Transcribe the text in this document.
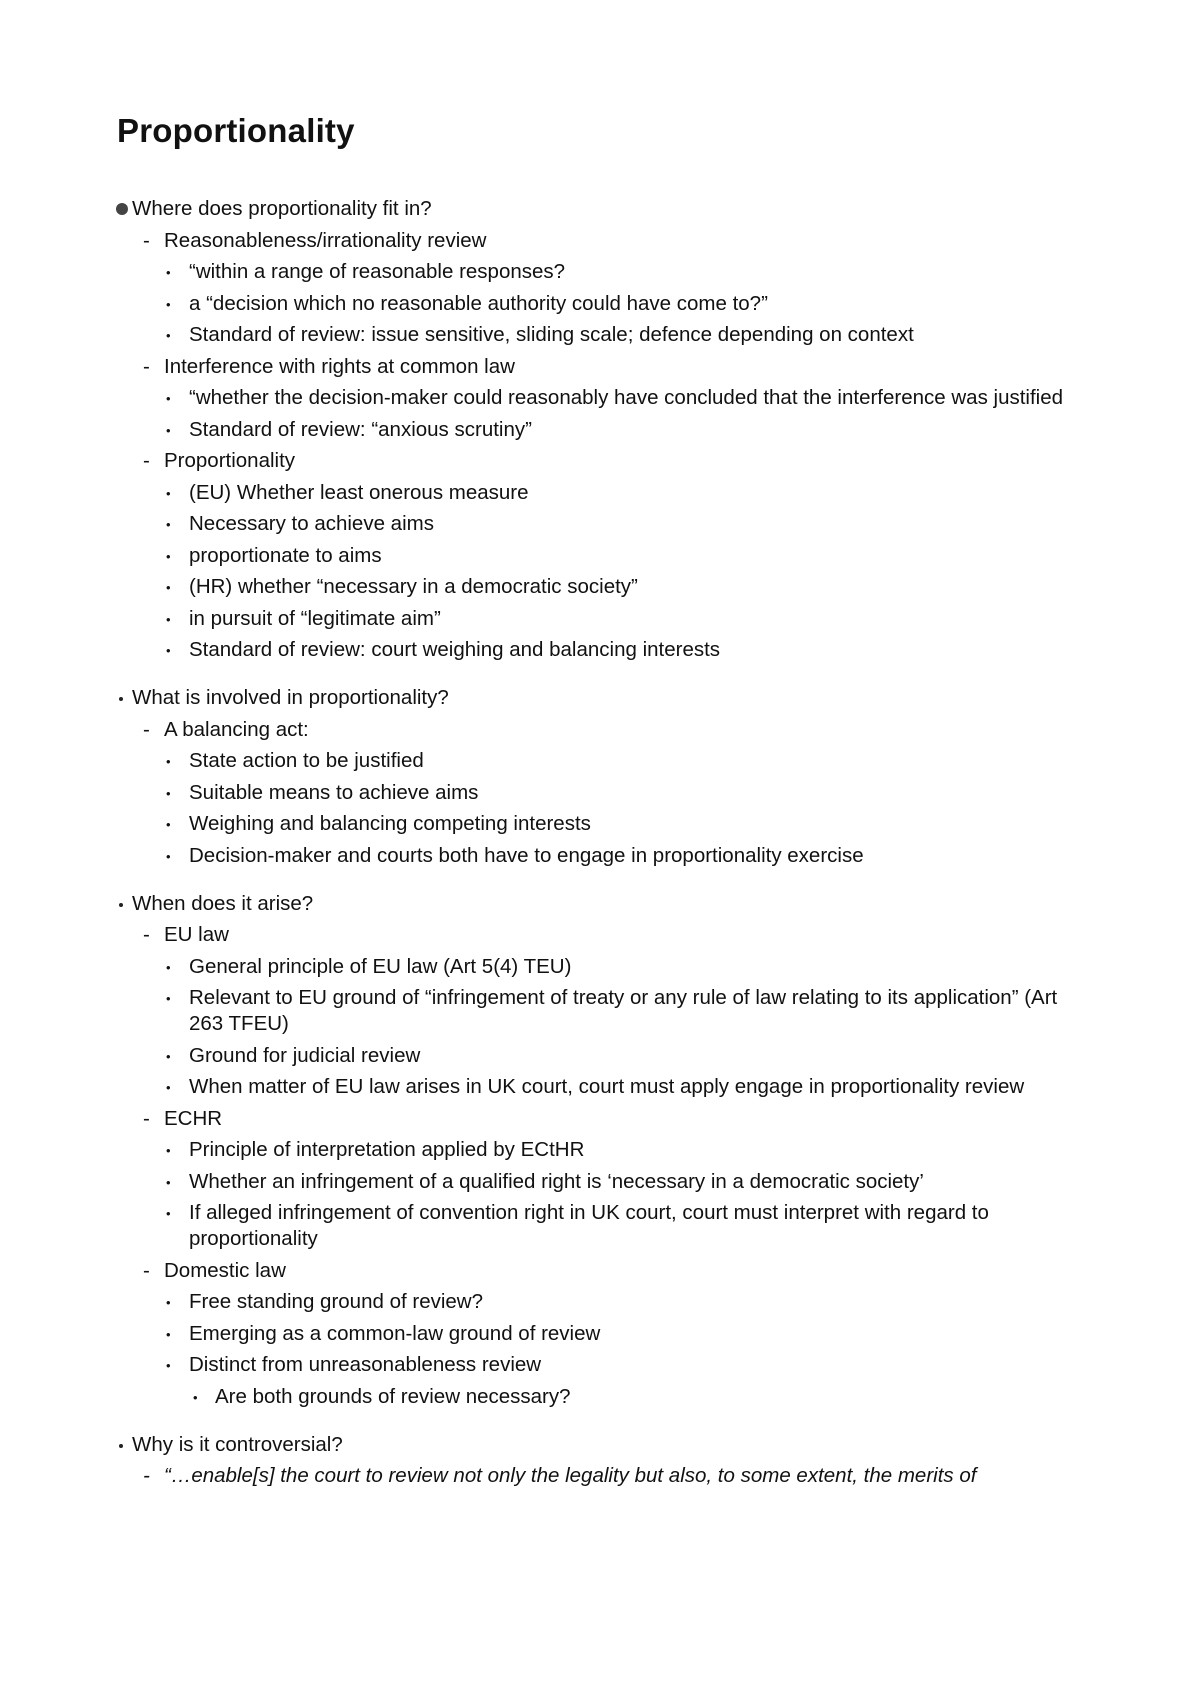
Proportionality
Where does proportionality fit in?
- Reasonableness/irrationality review
• “within a range of reasonable responses?
• a “decision which no reasonable authority could have come to?”
• Standard of review: issue sensitive, sliding scale; defence depending on context
- Interference with rights at common law
• “whether the decision-maker could reasonably have concluded that the interference was justified
• Standard of review: “anxious scrutiny”
- Proportionality
• (EU) Whether least onerous measure
• Necessary to achieve aims
• proportionate to aims
• (HR) whether “necessary in a democratic society”
• in pursuit of “legitimate aim”
• Standard of review: court weighing and balancing interests
What is involved in proportionality?
- A balancing act:
• State action to be justified
• Suitable means to achieve aims
• Weighing and balancing competing interests
• Decision-maker and courts both have to engage in proportionality exercise
When does it arise?
- EU law
• General principle of EU law (Art 5(4) TEU)
• Relevant to EU ground of “infringement of treaty or any rule of law relating to its application” (Art 263 TFEU)
• Ground for judicial review
• When matter of EU law arises in UK court, court must apply engage in proportionality review
- ECHR
• Principle of interpretation applied by ECtHR
• Whether an infringement of a qualified right is ‘necessary in a democratic society’
• If alleged infringement of convention right in UK court, court must interpret with regard to proportionality
- Domestic law
• Free standing ground of review?
• Emerging as a common-law ground of review
• Distinct from unreasonableness review
• Are both grounds of review necessary?
Why is it controversial?
- “…enable[s] the court to review not only the legality but also, to some extent, the merits of
